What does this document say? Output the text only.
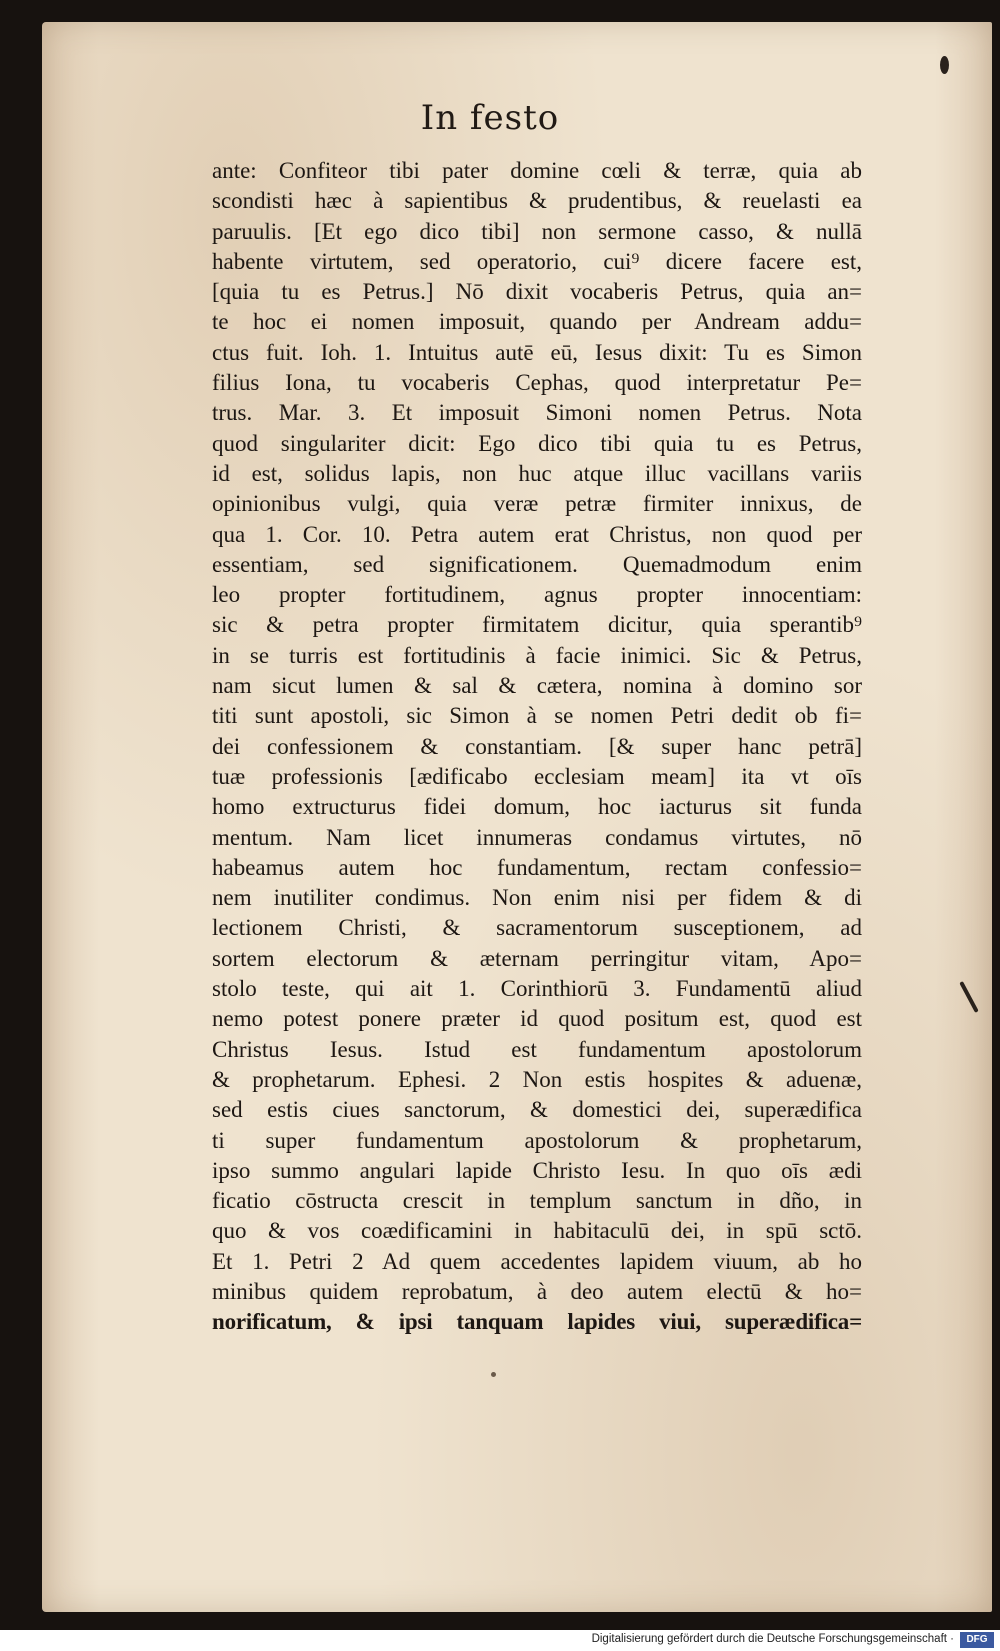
In festo
ante: Confiteor tibi pater domine cœli & terræ, quia ab
scondisti hæc à sapientibus & prudentibus, & reuelasti ea
paruulis. [Et ego dico tibi] non sermone casso, & nullā
habente virtutem, sed operatorio, cui⁹ dicere facere est,
[quia tu es Petrus.] Nō dixit vocaberis Petrus, quia an=
te hoc ei nomen imposuit, quando per Andream addu=
ctus fuit. Ioh. 1. Intuitus autē eū, Iesus dixit: Tu es Simon
filius Iona, tu vocaberis Cephas, quod interpretatur Pe=
trus. Mar. 3. Et imposuit Simoni nomen Petrus. Nota
quod singulariter dicit: Ego dico tibi quia tu es Petrus,
id est, solidus lapis, non huc atque illuc vacillans variis
opinionibus vulgi, quia veræ petræ firmiter innixus, de
qua 1. Cor. 10. Petra autem erat Christus, non quod per
essentiam, sed significationem. Quemadmodum enim
leo propter fortitudinem, agnus propter innocentiam:
sic & petra propter firmitatem dicitur, quia sperantib⁹
in se turris est fortitudinis à facie inimici. Sic & Petrus,
nam sicut lumen & sal & cætera, nomina à domino sor
titi sunt apostoli, sic Simon à se nomen Petri dedit ob fi=
dei confessionem & constantiam. [& super hanc petrā]
tuæ professionis [ædificabo ecclesiam meam] ita vt oīs
homo extructurus fidei domum, hoc iacturus sit funda
mentum. Nam licet innumeras condamus virtutes, nō
habeamus autem hoc fundamentum, rectam confessio=
nem inutiliter condimus. Non enim nisi per fidem & di
lectionem Christi, & sacramentorum susceptionem, ad
sortem electorum & æternam perringitur vitam, Apo=
stolo teste, qui ait 1. Corinthiorū 3. Fundamentū aliud
nemo potest ponere præter id quod positum est, quod est
Christus Iesus. Istud est fundamentum apostolorum
& prophetarum. Ephesi. 2 Non estis hospites & aduenæ,
sed estis ciues sanctorum, & domestici dei, superædifica
ti super fundamentum apostolorum & prophetarum,
ipso summo angulari lapide Christo Iesu. In quo oīs ædi
ficatio cōstructa crescit in templum sanctum in dño, in
quo & vos coædificamini in habitaculū dei, in spū sctō.
Et 1. Petri 2 Ad quem accedentes lapidem viuum, ab ho
minibus quidem reprobatum, à deo autem electū & ho=
norificatum, & ipsi tanquam lapides viui, superædifica=
Digitalisierung gefördert durch die Deutsche Forschungsgemeinschaft ·	DFG
